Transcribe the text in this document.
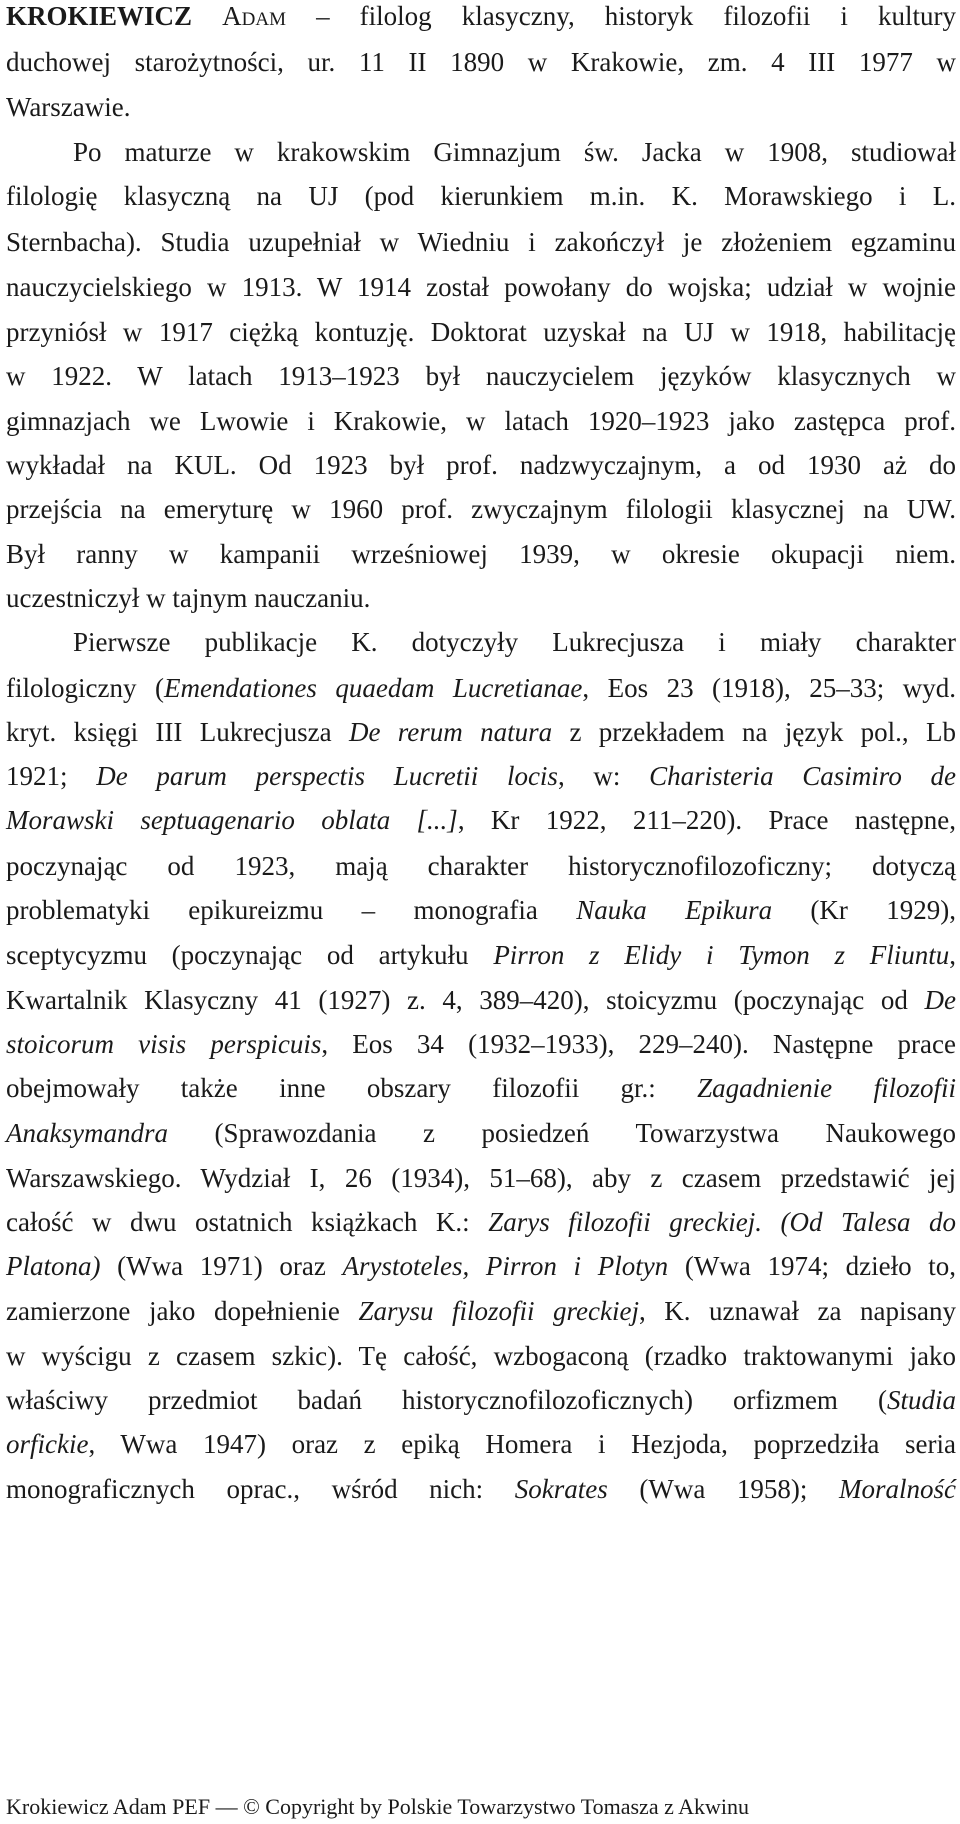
KROKIEWICZ Adam – filolog klasyczny, historyk filozofii i kultury
duchowej starożytności, ur. 11 II 1890 w Krakowie, zm. 4 III 1977 w
Warszawie.
Po maturze w krakowskim Gimnazjum św. Jacka w 1908, studiował
filologię klasyczną na UJ (pod kierunkiem m.in. K. Morawskiego i L.
Sternbacha). Studia uzupełniał w Wiedniu i zakończył je złożeniem egzaminu
nauczycielskiego w 1913. W 1914 został powołany do wojska; udział w wojnie
przyniósł w 1917 ciężką kontuzję. Doktorat uzyskał na UJ w 1918, habilitację
w 1922. W latach 1913–1923 był nauczycielem języków klasycznych w
gimnazjach we Lwowie i Krakowie, w latach 1920–1923 jako zastępca prof.
wykładał na KUL. Od 1923 był prof. nadzwyczajnym, a od 1930 aż do
przejścia na emeryturę w 1960 prof. zwyczajnym filologii klasycznej na UW.
Był ranny w kampanii wrześniowej 1939, w okresie okupacji niem.
uczestniczył w tajnym nauczaniu.
Pierwsze publikacje K. dotyczyły Lukrecjusza i miały charakter
filologiczny (Emendationes quaedam Lucretianae, Eos 23 (1918), 25–33; wyd.
kryt. księgi III Lukrecjusza De rerum natura z przekładem na język pol., Lb
1921; De parum perspectis Lucretii locis, w: Charisteria Casimiro de
Morawski septuagenario oblata [...], Kr 1922, 211–220). Prace następne,
poczynając od 1923, mają charakter historycznofilozoficzny; dotyczą
problematyki epikureizmu – monografia Nauka Epikura (Kr 1929),
sceptycyzmu (poczynając od artykułu Pirron z Elidy i Tymon z Fliuntu,
Kwartalnik Klasyczny 41 (1927) z. 4, 389–420), stoicyzmu (poczynając od De
stoicorum visis perspicuis, Eos 34 (1932–1933), 229–240). Następne prace
obejmowały także inne obszary filozofii gr.: Zagadnienie filozofii
Anaksymandra (Sprawozdania z posiedzeń Towarzystwa Naukowego
Warszawskiego. Wydział I, 26 (1934), 51–68), aby z czasem przedstawić jej
całość w dwu ostatnich książkach K.: Zarys filozofii greckiej. (Od Talesa do
Platona) (Wwa 1971) oraz Arystoteles, Pirron i Plotyn (Wwa 1974; dzieło to,
zamierzone jako dopełnienie Zarysu filozofii greckiej, K. uznawał za napisany
w wyścigu z czasem szkic). Tę całość, wzbogaconą (rzadko traktowanymi jako
właściwy przedmiot badań historycznofilozoficznych) orfizmem (Studia
orfickie, Wwa 1947) oraz z epiką Homera i Hezjoda, poprzedziła seria
monograficznych oprac., wśród nich: Sokrates (Wwa 1958); Moralność
Krokiewicz Adam PEF — © Copyright by Polskie Towarzystwo Tomasza z Akwinu
